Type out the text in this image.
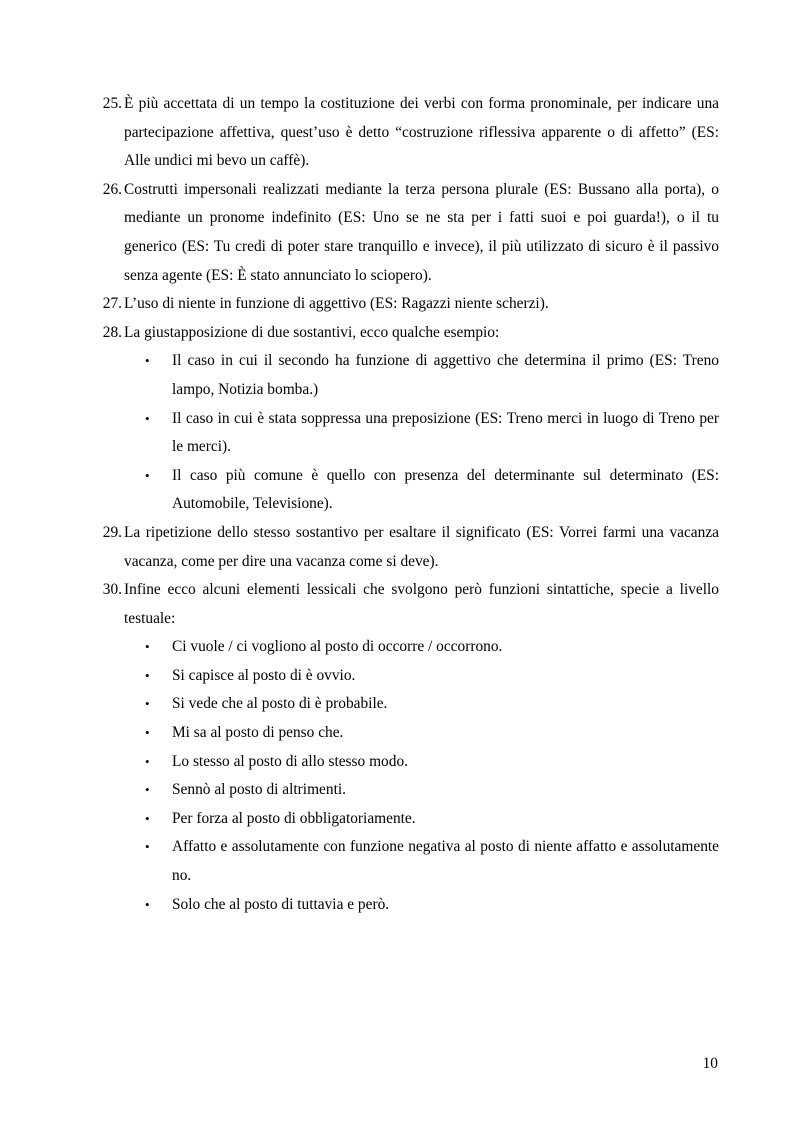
25. È più accettata di un tempo la costituzione dei verbi con forma pronominale, per indicare una partecipazione affettiva, quest’uso è detto “costruzione riflessiva apparente o di affetto” (ES: Alle undici mi bevo un caffè).
26. Costrutti impersonali realizzati mediante la terza persona plurale (ES: Bussano alla porta), o mediante un pronome indefinito (ES: Uno se ne sta per i fatti suoi e poi guarda!), o il tu generico (ES: Tu credi di poter stare tranquillo e invece), il più utilizzato di sicuro è il passivo senza agente (ES: È stato annunciato lo sciopero).
27. L’uso di niente in funzione di aggettivo (ES: Ragazzi niente scherzi).
28. La giustapposizione di due sostantivi, ecco qualche esempio:
• Il caso in cui il secondo ha funzione di aggettivo che determina il primo (ES: Treno lampo, Notizia bomba.)
• Il caso in cui è stata soppressa una preposizione (ES: Treno merci in luogo di Treno per le merci).
• Il caso più comune è quello con presenza del determinante sul determinato (ES: Automobile, Televisione).
29. La ripetizione dello stesso sostantivo per esaltare il significato (ES: Vorrei farmi una vacanza vacanza, come per dire una vacanza come si deve).
30. Infine ecco alcuni elementi lessicali che svolgono però funzioni sintattiche, specie a livello testuale:
• Ci vuole / ci vogliono al posto di occorre / occorrono.
• Si capisce al posto di è ovvio.
• Si vede che al posto di è probabile.
• Mi sa al posto di penso che.
• Lo stesso al posto di allo stesso modo.
• Sennò al posto di altrimenti.
• Per forza al posto di obbligatoriamente.
• Affatto e assolutamente con funzione negativa al posto di niente affatto e assolutamente no.
• Solo che al posto di tuttavia e però.
10
